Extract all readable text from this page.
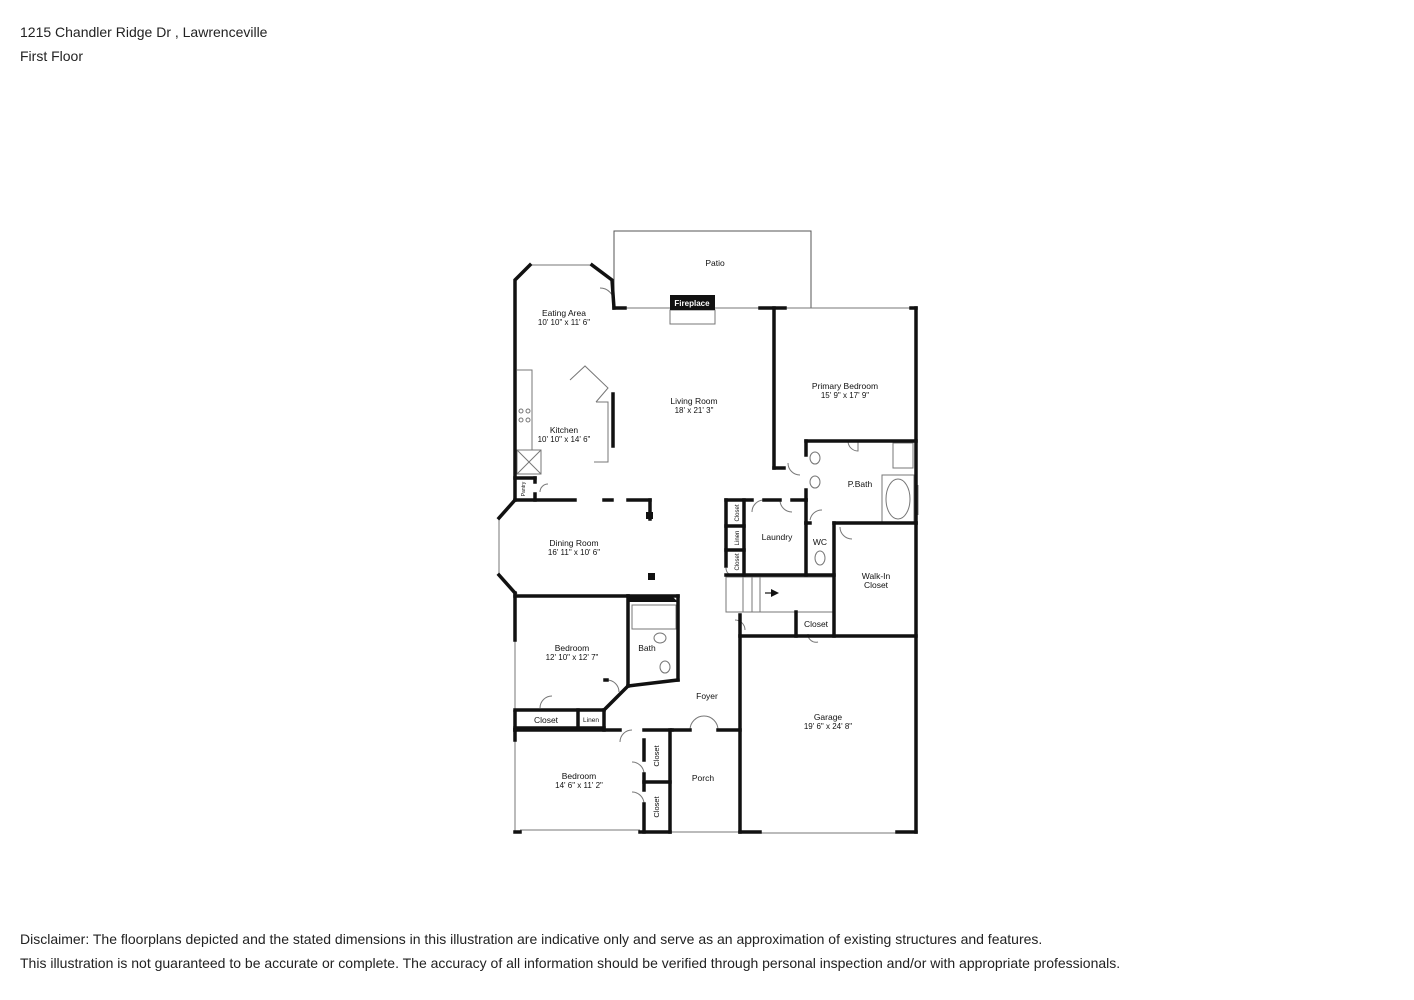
1215 Chandler Ridge Dr , Lawrenceville
First Floor
Patio
Fireplace
Eating Area
10' 10" x 11' 6"
Living Room
18' x 21' 3"
Primary Bedroom
15' 9" x 17' 9"
Kitchen
10' 10" x 14' 6"
Pantry	P.Bath
Dining Room
16' 11" x 10' 6"
Closet
Linen
Closet
Laundry WC
Walk-In
Closet
Closet
Bedroom
12' 10" x 12' 7"
Bath
Foyer
Garage
19' 6" x 24' 8"
Closet	Linen
Bedroom
14' 6" x 11' 2"
Closet
Closet
Porch
Disclaimer: The floorplans depicted and the stated dimensions in this illustration are indicative only and serve as an approximation of existing structures and features.
This illustration is not guaranteed to be accurate or complete. The accuracy of all information should be verified through personal inspection and/or with appropriate professionals.
